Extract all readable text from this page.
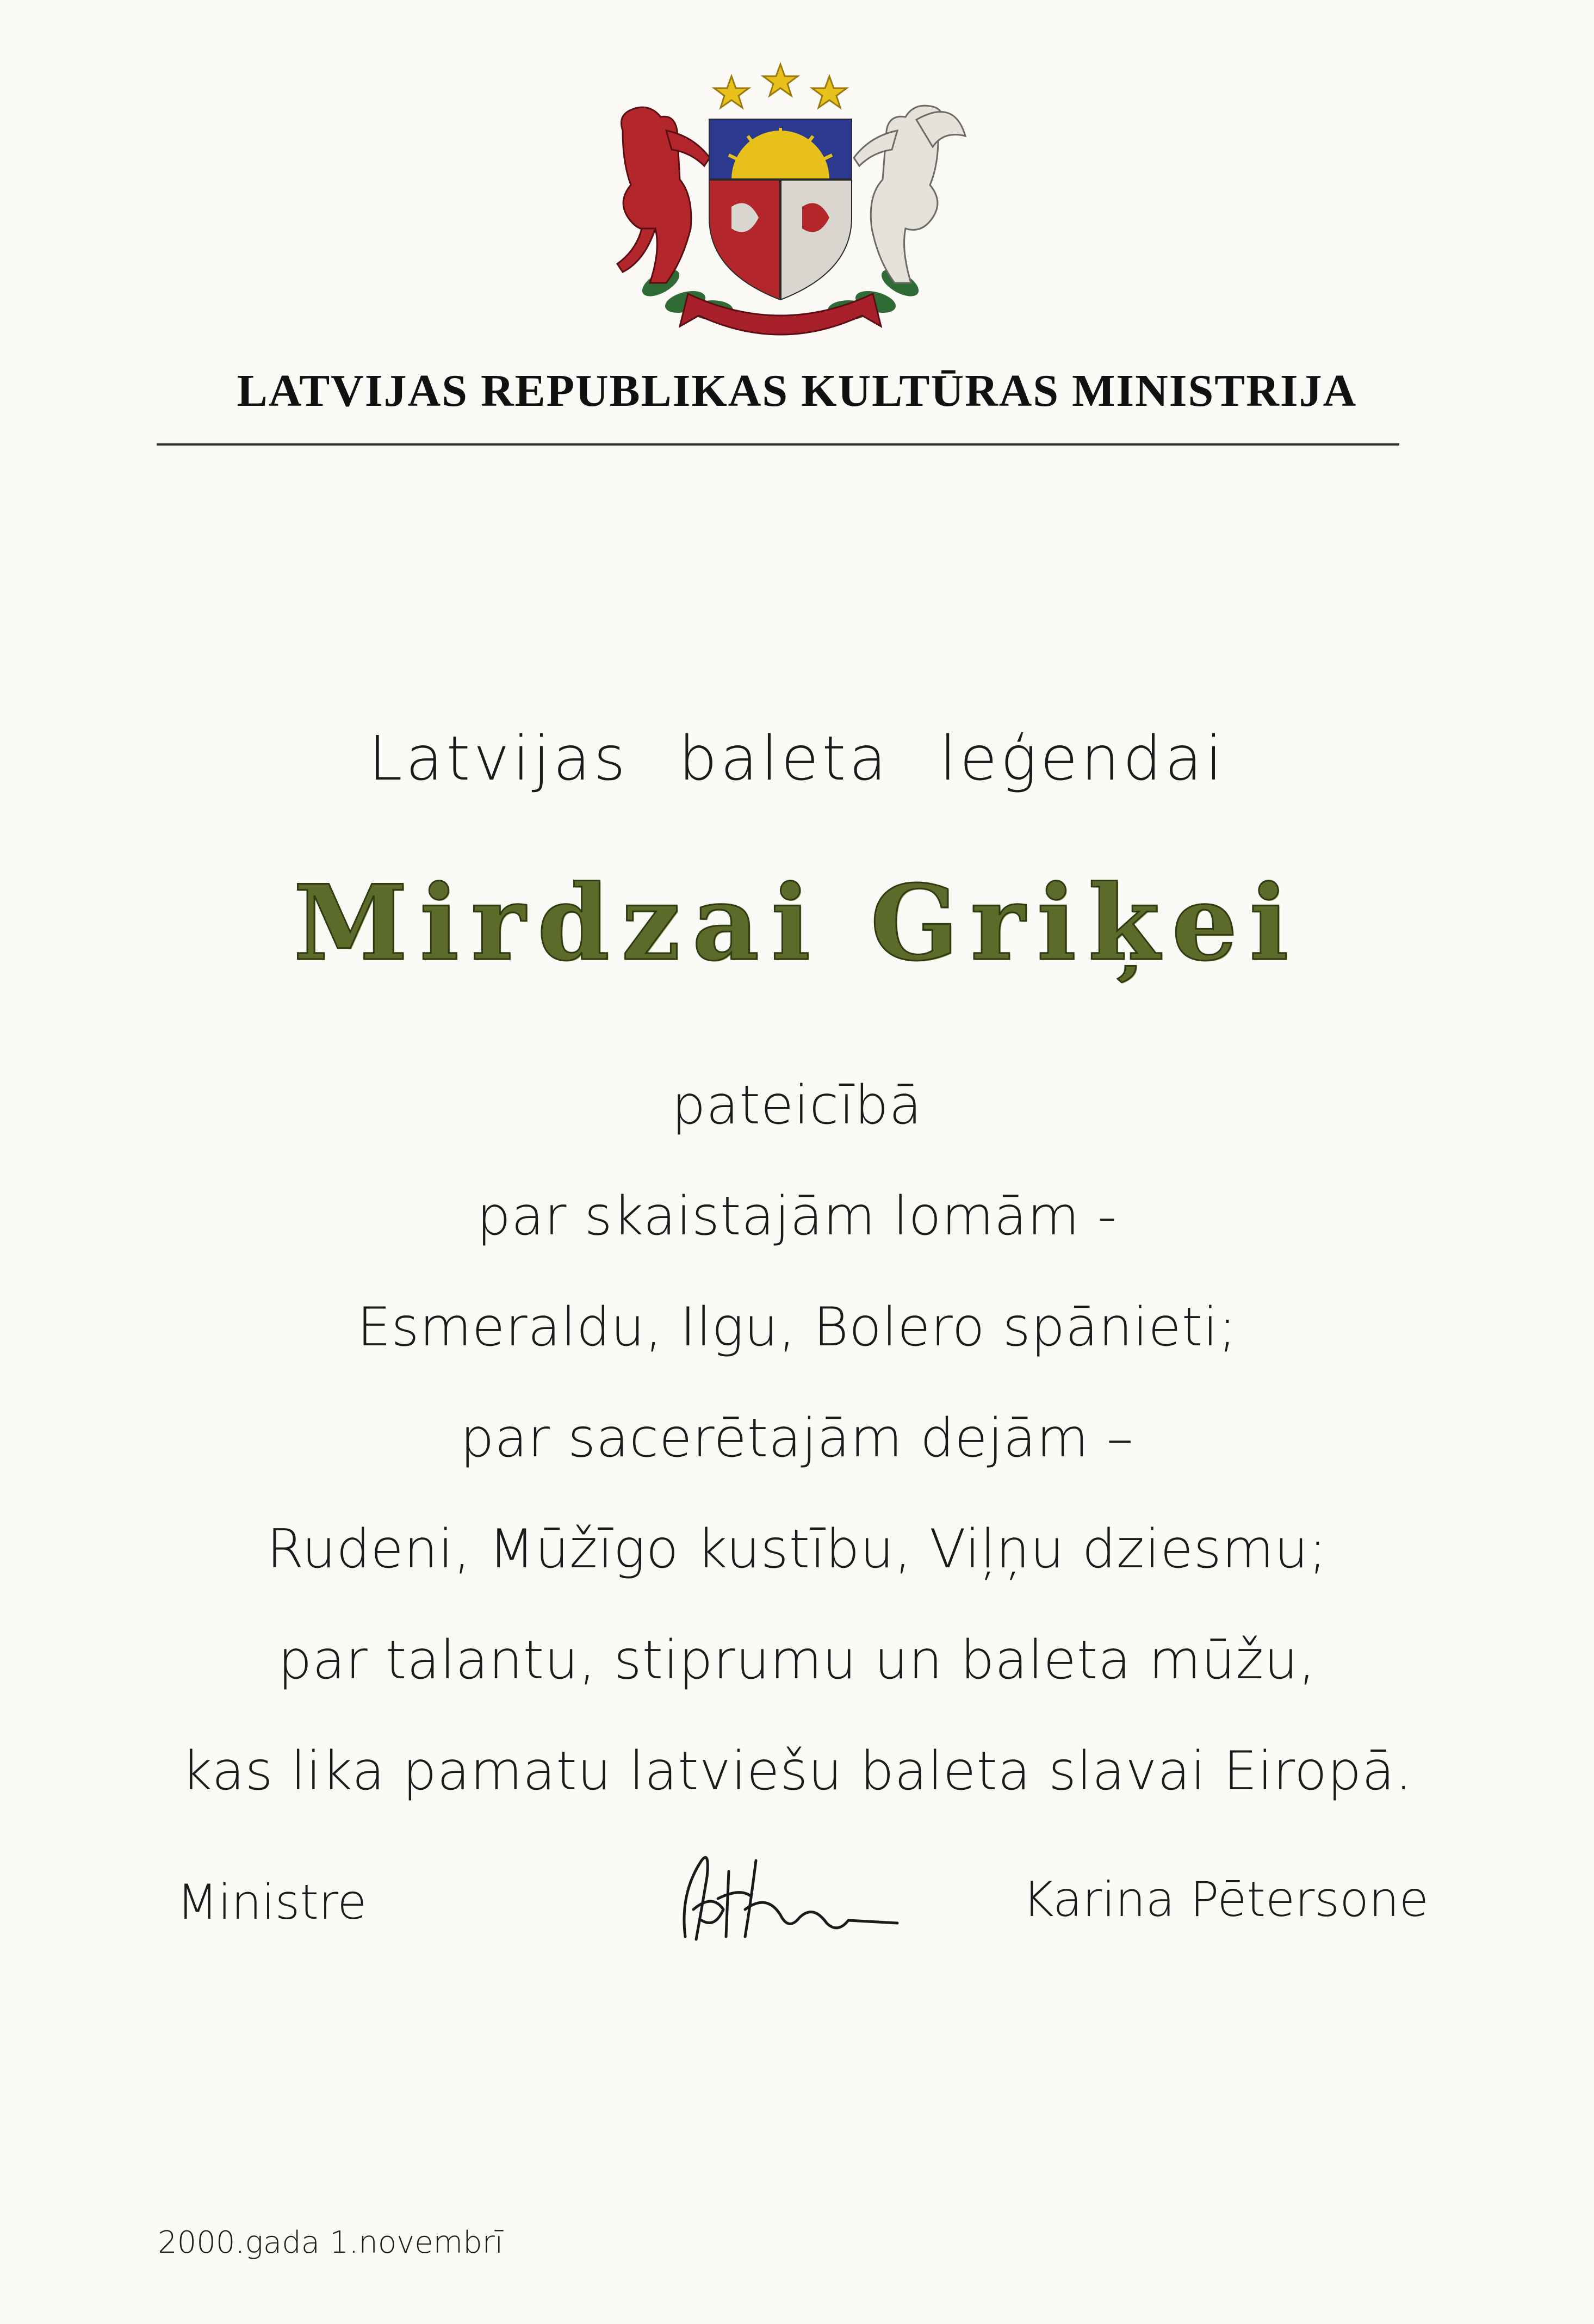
LATVIJAS REPUBLIKAS KULTŪRAS MINISTRIJA
Latvijas baleta leģendai
Mirdzai Griķei
pateicībā
par skaistajām lomām -
Esmeraldu, Ilgu, Bolero spānieti;
par sacerētajām dejām –
Rudeni, Mūžīgo kustību, Viļņu dziesmu;
par talantu, stiprumu un baleta mūžu,
kas lika pamatu latviešu baleta slavai Eiropā.
Ministre	Karina Pētersone
2000.gada 1.novembrī
